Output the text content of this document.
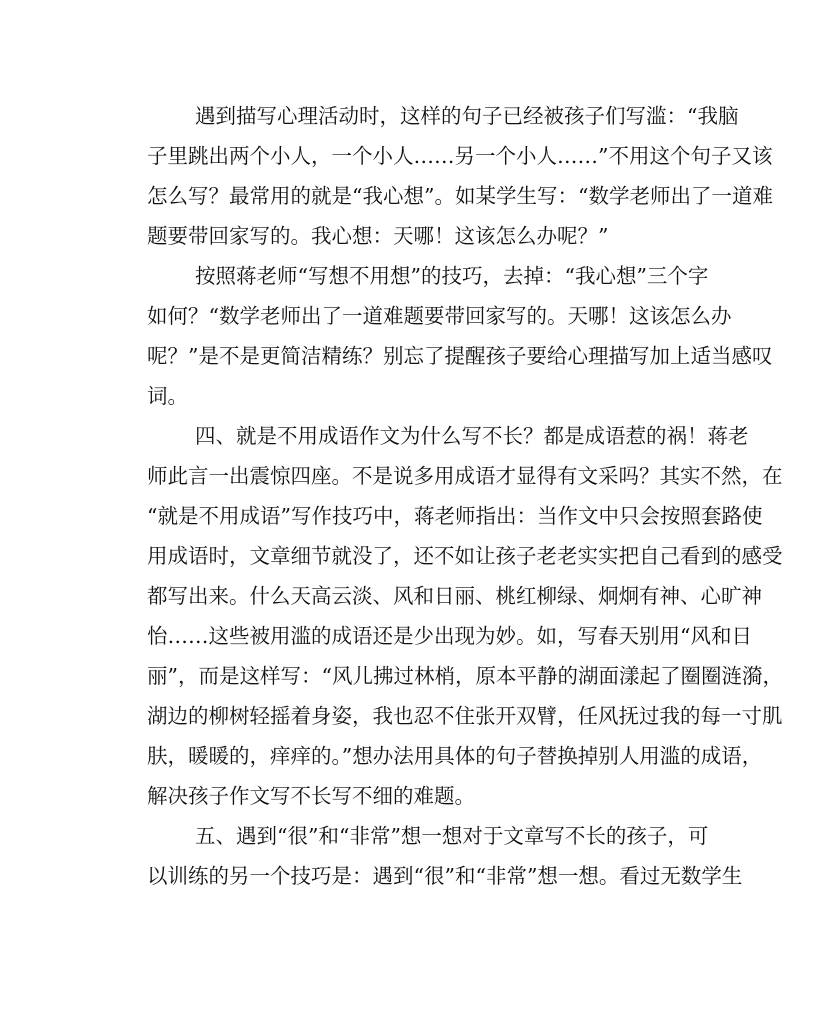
遇到描写心理活动时，这样的句子已经被孩子们写滥：“我脑
子里跳出两个小人，一个小人……另一个小人……”不用这个句子又该
怎么写？最常用的就是“我心想”。如某学生写：“数学老师出了一道难
题要带回家写的。我心想：天哪！这该怎么办呢？”
按照蒋老师“写想不用想”的技巧，去掉：“我心想”三个字
如何？“数学老师出了一道难题要带回家写的。天哪！这该怎么办
呢？”是不是更简洁精练？别忘了提醒孩子要给心理描写加上适当感叹
词。
四、就是不用成语作文为什么写不长？都是成语惹的祸！蒋老
师此言一出震惊四座。不是说多用成语才显得有文采吗？其实不然，在
“就是不用成语”写作技巧中，蒋老师指出：当作文中只会按照套路使
用成语时，文章细节就没了，还不如让孩子老老实实把自己看到的感受
都写出来。什么天高云淡、风和日丽、桃红柳绿、炯炯有神、心旷神
怡……这些被用滥的成语还是少出现为妙。如，写春天别用“风和日
丽”，而是这样写：“风儿拂过林梢，原本平静的湖面漾起了圈圈涟漪，
湖边的柳树轻摇着身姿，我也忍不住张开双臂，任风抚过我的每一寸肌
肤，暖暖的，痒痒的。”想办法用具体的句子替换掉别人用滥的成语，
解决孩子作文写不长写不细的难题。
五、遇到“很”和“非常”想一想对于文章写不长的孩子，可
以训练的另一个技巧是：遇到“很”和“非常”想一想。看过无数学生
